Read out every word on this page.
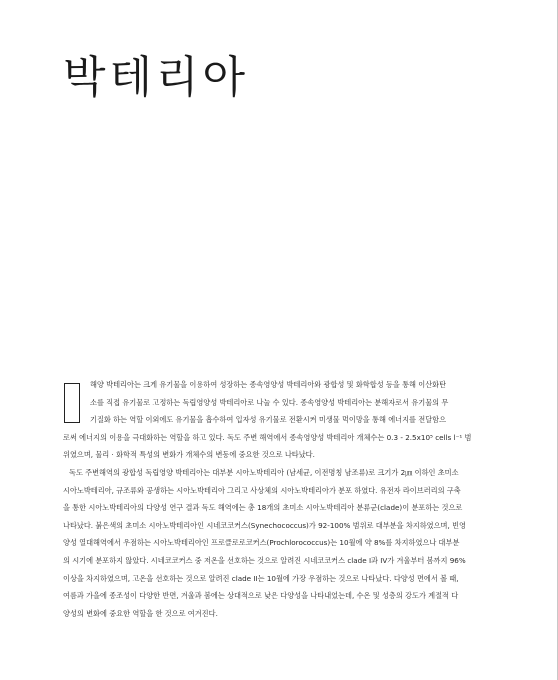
박테리아
해양 박테리아는 크게 유기물을 이용하여 성장하는 종속영양성 박테리아와 광합성 및 화학합성 등을 통해 이산화탄
소를 직접 유기물로 고정하는 독립영양성 박테리아로 나눌 수 있다. 종속영양성 박테리아는 분해자로서 유기물의 무
기질화 하는 역할 이외에도 유기물을 흡수하여 입자성 유기물로 전환시켜 미생물 먹이망을 통해 에너지를 전달함으
로써 에너지의 이용을 극대화하는 역할을 하고 있다. 독도 주변 해역에서 종속영양성 박테리아 개체수는 0.3 - 2.5x10⁵ cells l⁻¹ 범
위였으며, 물리 · 화학적 특성의 변화가 개체수의 변동에 중요한 것으로 나타났다.
독도 주변해역의 광합성 독립영양 박테리아는 대부분 시아노박테리아 (남세균, 이전명칭 남조류)로 크기가 2㎛ 이하인 초미소
시아노박테리아, 규조류와 공생하는 시아노박테리아 그리고 사상체의 시아노박테리아가 분포 하였다. 유전자 라이브러리의 구축
을 통한 시아노박테리아의 다양성 연구 결과 독도 해역에는 총 18개의 초미소 시아노박테리아 분류군(clade)이 분포하는 것으로
나타났다. 붉은색의 초미소 시아노박테리아인 시네코코커스(Synechococcus)가 92-100% 범위로 대부분을 차지하였으며, 빈영
양성 열대해역에서 우점하는 시아노박테리아인 프로클로로코커스(Prochlorococcus)는 10월에 약 8%를 차지하였으나 대부분
의 시기에 분포하지 않았다. 시네코코커스 중 저온을 선호하는 것으로 알려진 시네코코커스 clade I과 IV가 겨울부터 봄까지 96%
이상을 차지하였으며, 고온을 선호하는 것으로 알려진 clade II는 10월에 가장 우점하는 것으로 나타났다. 다양성 면에서 볼 때,
여름과 가을에 종조성이 다양한 반면, 겨울과 봄에는 상대적으로 낮은 다양성을 나타내었는데, 수온 및 성층의 강도가 계절적 다
양성의 변화에 중요한 역할을 한 것으로 여겨진다.
